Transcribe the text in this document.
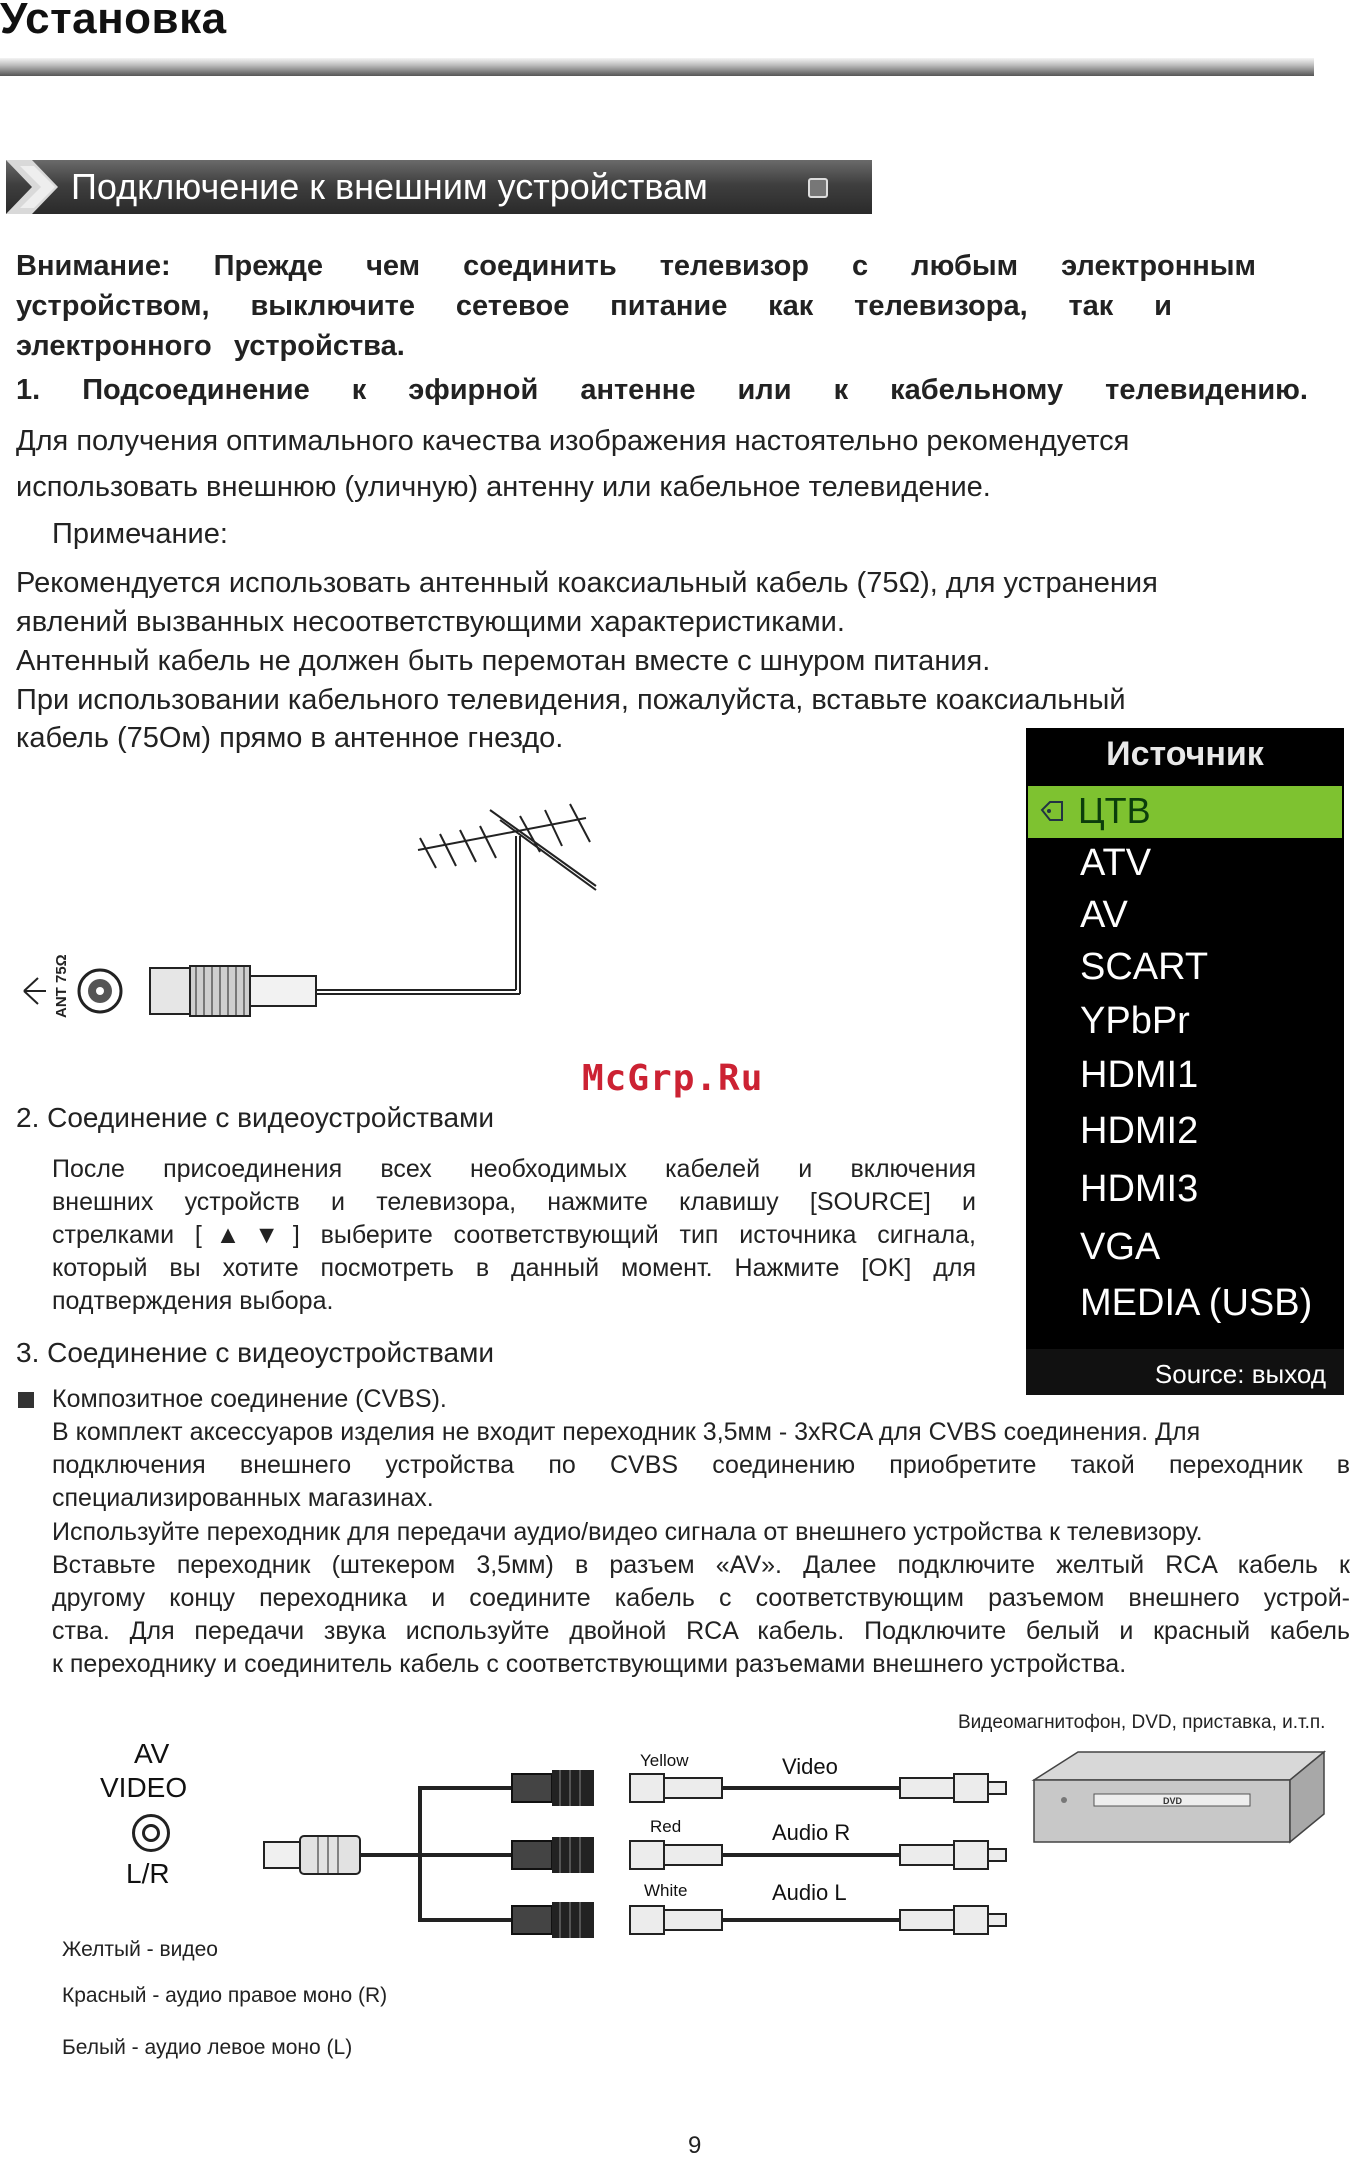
Установка
Подключение к внешним устройствам
Внимание: Прежде чем соединить телевизор с любым электронным
устройством, выключите сетевое питание как телевизора, так и
электронного устройства.
1. Подсоединение к эфирной антенне или к кабельному телевидению.
Для получения оптимального качества изображения настоятельно рекомендуется
использовать внешнюю (уличную) антенну или кабельное телевидение.
Примечание:
Рекомендуется использовать антенный коаксиальный кабель (75Ω), для устранения
явлений вызванных несоответствующими характеристиками.
Антенный кабель не должен быть перемотан вместе с шнуром питания.
При использовании кабельного телевидения, пожалуйста, вставьте коаксиальный
кабель (75Ом) прямо в антенное гнездо.
ANT 75Ω
Источник
ЦТВ
ATV
AV
SCART
YPbPr
HDMI1
HDMI2
HDMI3
VGA
MEDIA (USB)
Source: выход
McGrp.Ru
2. Соединение с видеоустройствами
После присоединения всех необходимых кабелей и включения
внешних устройств и телевизора, нажмите клавишу [SOURCE] и
стрелками [▲▼] выберите соответствующий тип источника сигнала,
который вы хотите посмотреть в данный момент. Нажмите [OK] для
подтверждения выбора.
3. Соединение с видеоустройствами
Композитное соединение (CVBS).
В комплект аксессуаров изделия не входит переходник 3,5мм - 3xRCA для CVBS соединения. Для
подключения внешнего устройства по CVBS соединению приобретите такой переходник в
специализированных магазинах.
Используйте переходник для передачи аудио/видео сигнала от внешнего устройства к телевизору.
Вставьте переходник (штекером 3,5мм) в разъем «AV». Далее подключите желтый RCA кабель к
другому концу переходника и соедините кабель с соответствующим разъемом внешнего устрой-
ства. Для передачи звука используйте двойной RCA кабель. Подключите белый и красный кабель
к переходнику и соединитель кабель с соответствующими разъемами внешнего устройства.
Видеомагнитофон, DVD, приставка, и.т.п.
AV
VIDEO
L/R
Yellow
Red
White
Video
Audio R
Audio L
DVD
Желтый - видео
Красный - аудио правое моно (R)
Белый - аудио левое моно (L)
9
